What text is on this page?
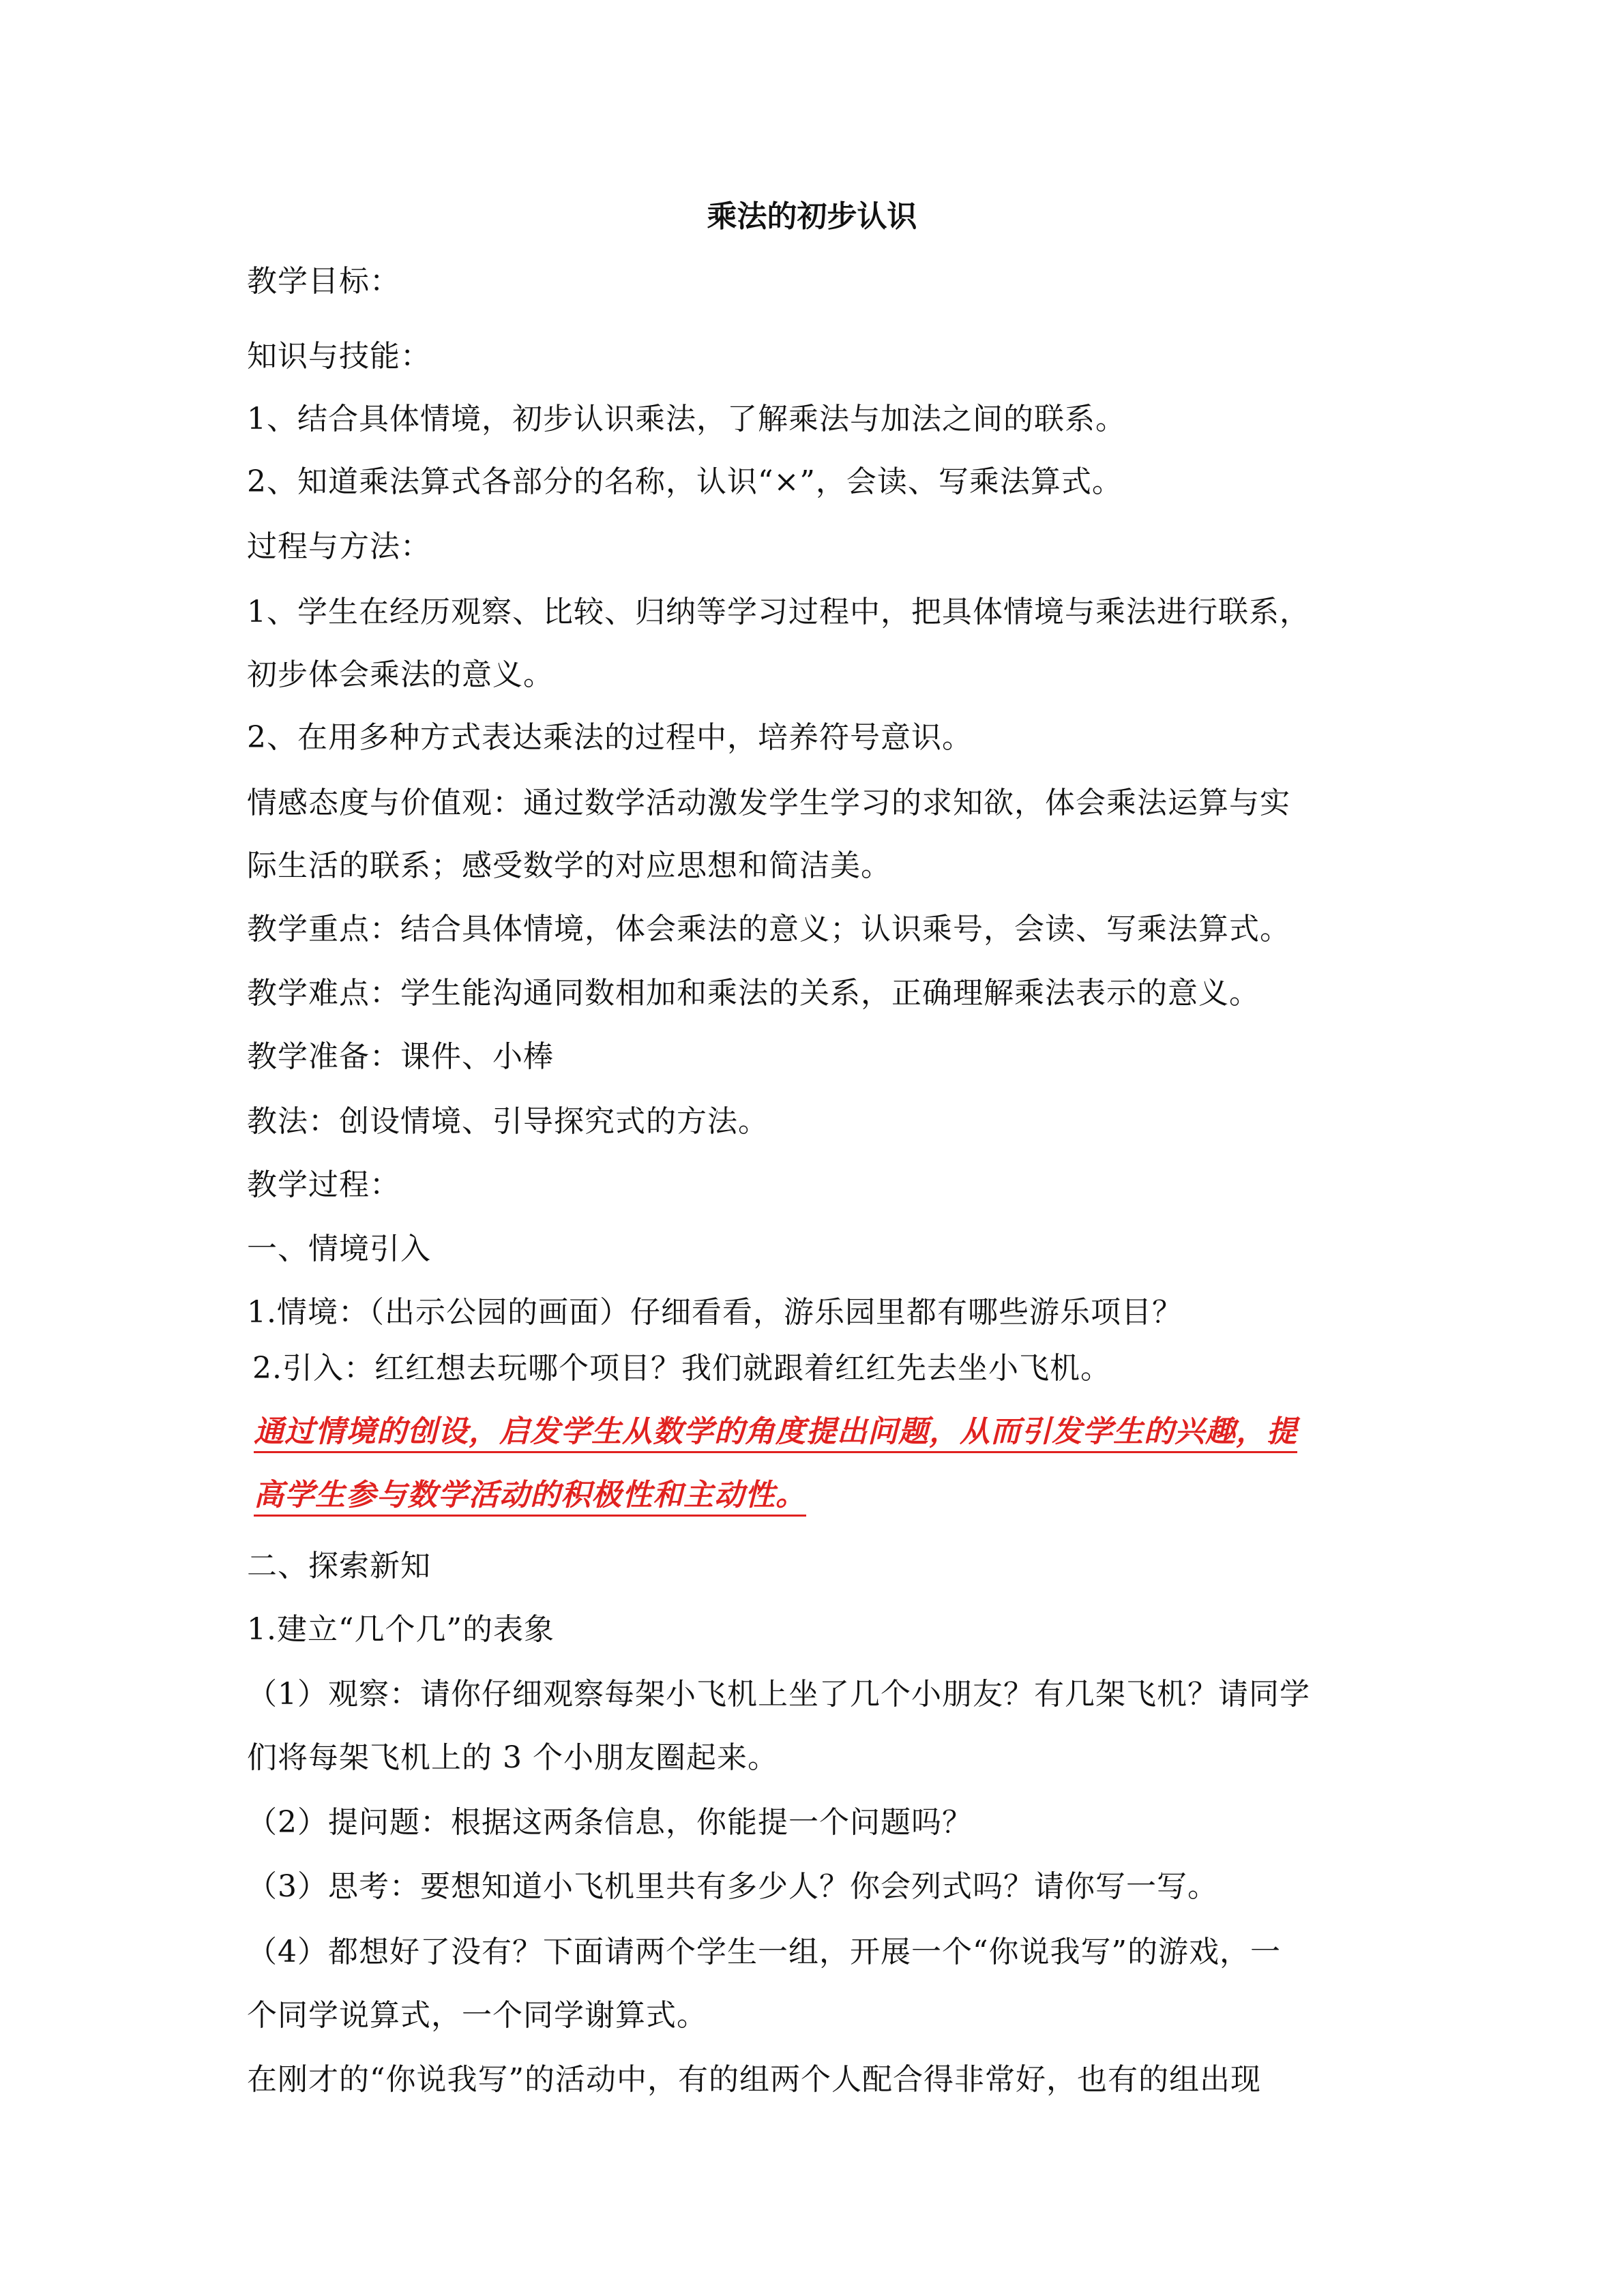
乘法的初步认识
教学目标：
知识与技能：
1、结合具体情境，初步认识乘法，了解乘法与加法之间的联系。
2、知道乘法算式各部分的名称，认识“×”，会读、写乘法算式。
过程与方法：
1、学生在经历观察、比较、归纳等学习过程中，把具体情境与乘法进行联系，
初步体会乘法的意义。
2、在用多种方式表达乘法的过程中，培养符号意识。
情感态度与价值观：通过数学活动激发学生学习的求知欲，体会乘法运算与实
际生活的联系；感受数学的对应思想和简洁美。
教学重点：结合具体情境，体会乘法的意义；认识乘号，会读、写乘法算式。
教学难点：学生能沟通同数相加和乘法的关系，正确理解乘法表示的意义。
教学准备：课件、小棒
教法：创设情境、引导探究式的方法。
教学过程：
一、情境引入
1.情境：（出示公园的画面）仔细看看，游乐园里都有哪些游乐项目？
2.引入：红红想去玩哪个项目？我们就跟着红红先去坐小飞机。
通过情境的创设，启发学生从数学的角度提出问题，从而引发学生的兴趣，提
高学生参与数学活动的积极性和主动性。
二、探索新知
1.建立“几个几”的表象
（1）观察：请你仔细观察每架小飞机上坐了几个小朋友？有几架飞机？请同学
们将每架飞机上的 3 个小朋友圈起来。
（2）提问题：根据这两条信息，你能提一个问题吗？
（3）思考：要想知道小飞机里共有多少人？你会列式吗？请你写一写。
（4）都想好了没有？下面请两个学生一组，开展一个“你说我写”的游戏，一
个同学说算式，一个同学谢算式。
在刚才的“你说我写”的活动中，有的组两个人配合得非常好，也有的组出现
